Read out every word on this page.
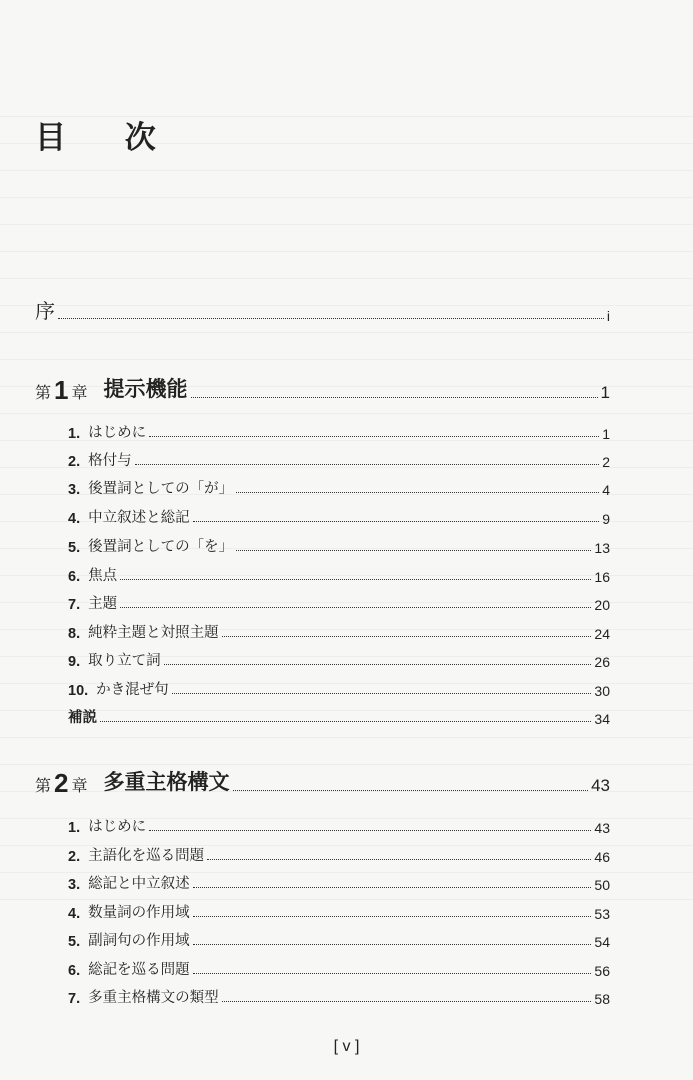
目 次
序	i
第 1 章 提示機能	1
1. はじめに	1
2. 格付与	2
3. 後置詞としての「が」	4
4. 中立叙述と総記	9
5. 後置詞としての「を」	13
6. 焦点	16
7. 主題	20
8. 純粋主題と対照主題	24
9. 取り立て詞	26
10. かき混ぜ句	30
補説	34
第 2 章 多重主格構文	43
1. はじめに	43
2. 主語化を巡る問題	46
3. 総記と中立叙述	50
4. 数量詞の作用域	53
5. 副詞句の作用域	54
6. 総記を巡る問題	56
7. 多重主格構文の類型	58
[ v ]
